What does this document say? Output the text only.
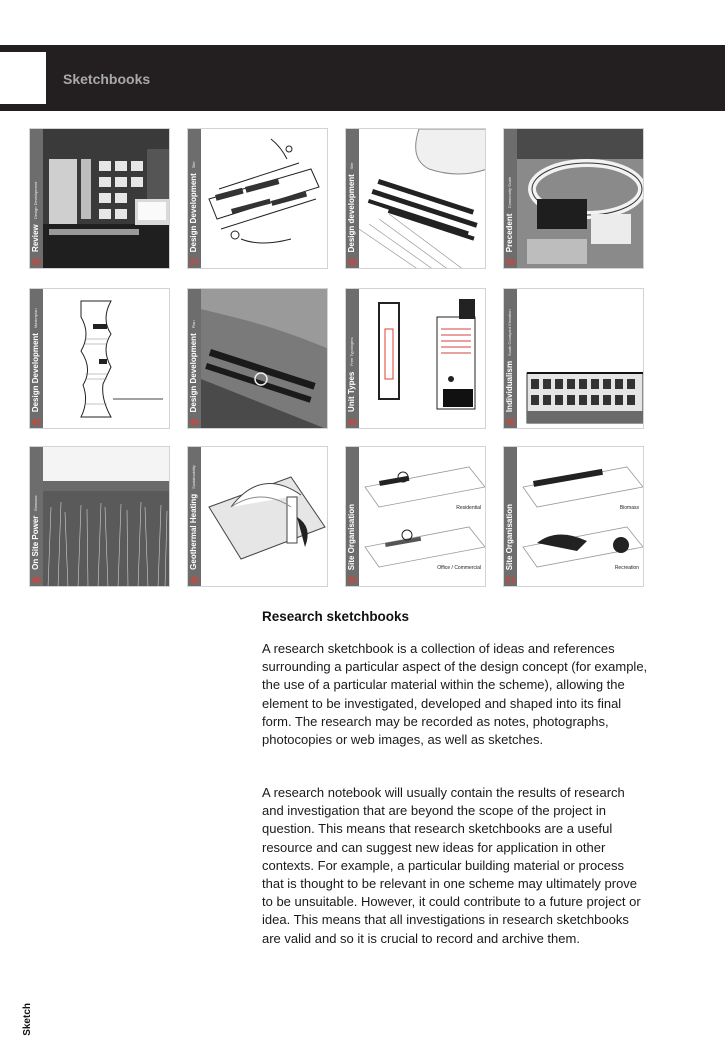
Sketchbooks
Review Design Development
55
Design Development Site
57
Design development Site
58
Precedent Community Scale
59
Design Development Masterplan
42
Design Development Plan
43
Unit Types Free Typologies
44
Individualism South Courtyard Elevation
45
On Site Power Biomass
48
Geothermal Heating Sustainability
49
Residential
Office / Commercial
Site Organisation
50
Biomass
Recreation
Site Organisation
51
Research sketchbooks

A research sketchbook is a collection of ideas and references surrounding a particular aspect of the design concept (for example, the use of a particular material within the scheme), allowing the element to be investigated, developed and shaped into its final form. The research may be recorded as notes, photographs, photocopies or web images, as well as sketches.

A research notebook will usually contain the results of research and investigation that are beyond the scope of the project in question. This means that research sketchbooks are a useful resource and can suggest new ideas for application in other contexts. For example, a particular building material or process that is thought to be relevant in one scheme may ultimately prove to be unsuitable. However, it could contribute to a future project or idea. This means that all investigations in research sketchbooks are valid and so it is crucial to record and archive them.

Sketch
